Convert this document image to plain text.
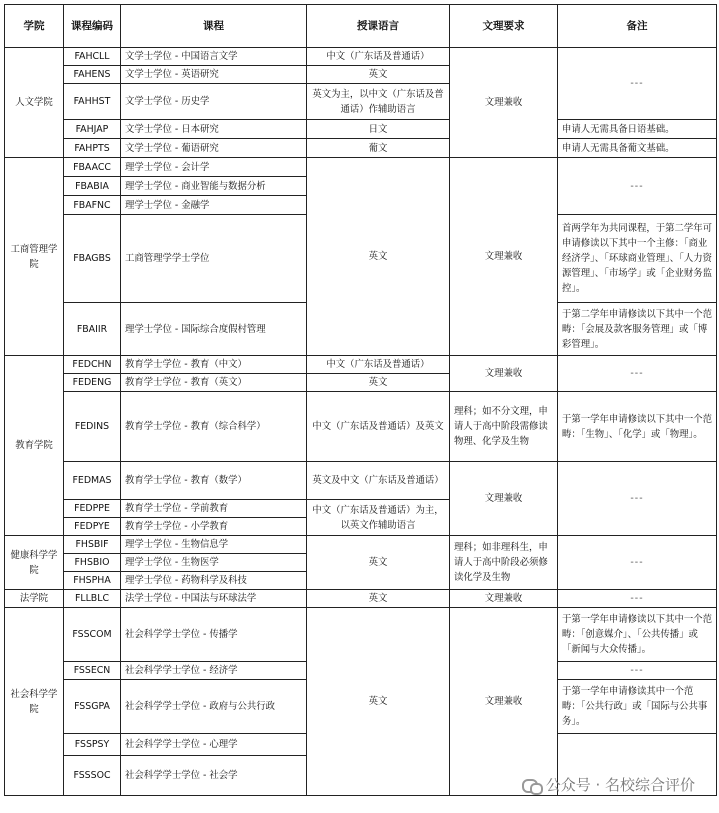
学院	课程编码	课程	授课语言	文理要求	备注
人文学院	FAHCLL	文学士学位 - 中国语言文学	中文（广东话及普通话）	文理兼收	---
	FAHENS	文学士学位 - 英语研究	英文		
	FAHHST	文学士学位 - 历史学	英文为主，以中文（广东话及普通话）作辅助语言		
	FAHJAP	文学士学位 - 日本研究	日文		申请人无需具备日语基础。
	FAHPTS	文学士学位 - 葡语研究	葡文		申请人无需具备葡文基础。
工商管理学院	FBAACC	理学士学位 - 会计学	英文	文理兼收	---
	FBABIA	理学士学位 - 商业智能与数据分析			
	FBAFNC	理学士学位 - 金融学			
	FBAGBS	工商管理学学士学位			首两学年为共同课程，于第二学年可申请修读以下其中一个主修：「商业经济学」、「环球商业管理」、「人力资源管理」、「市场学」或「企业财务监控」。
	FBAIIR	理学士学位 - 国际综合度假村管理			于第二学年申请修读以下其中一个范畴：「会展及款客服务管理」或「博彩管理」。
教育学院	FEDCHN	教育学士学位 - 教育（中文）	中文（广东话及普通话）	文理兼收	---
	FEDENG	教育学士学位 - 教育（英文）	英文		
	FEDINS	教育学士学位 - 教育（综合科学）	中文（广东话及普通话）及英文	理科；如不分文理，申请人于高中阶段需修读物理、化学及生物	于第一学年申请修读以下其中一个范畴：「生物」、「化学」或「物理」。
	FEDMAS	教育学士学位 - 教育（数学）	英文及中文（广东话及普通话）	文理兼收	---
	FEDPPE	教育学士学位 - 学前教育	中文（广东话及普通话）为主，以英文作辅助语言		
	FEDPYE	教育学士学位 - 小学教育			
健康科学学院	FHSBIF	理学士学位 - 生物信息学	英文	理科；如非理科生，申请人于高中阶段必须修读化学及生物	---
	FHSBIO	理学士学位 - 生物医学			
	FHSPHA	理学士学位 - 药物科学及科技			
法学院	FLLBLC	法学士学位 - 中国法与环球法学	英文	文理兼收	---
社会科学学院	FSSCOM	社会科学学士学位 - 传播学	英文	文理兼收	于第一学年申请修读以下其中一个范畴：「创意媒介」、「公共传播」或「新闻与大众传播」。
	FSSECN	社会科学学士学位 - 经济学			---
	FSSGPA	社会科学学士学位 - 政府与公共行政			于第一学年申请修读其中一个范畴：「公共行政」或「国际与公共事务」。
	FSSPSY	社会科学学士学位 - 心理学			
	FSSSOC	社会科学学士学位 - 社会学			
公众号 · 名校综合评价
